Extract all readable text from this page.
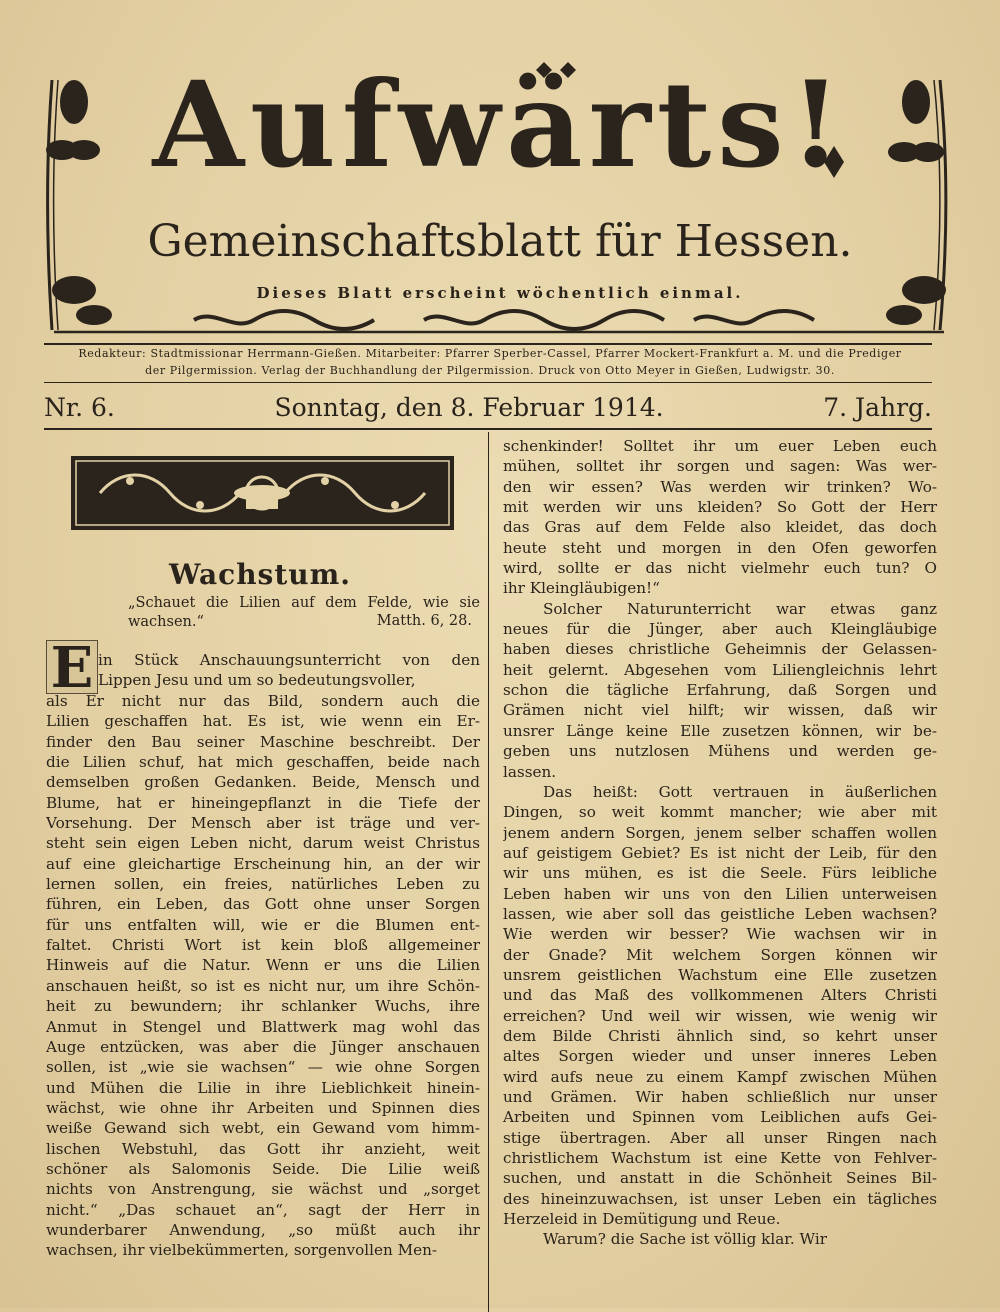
Aufwärts!
Gemeinschaftsblatt für Hessen.
Dieses Blatt erscheint wöchentlich einmal.
Redakteur: Stadtmissionar Herrmann-Gießen. Mitarbeiter: Pfarrer Sperber-Cassel, Pfarrer Mockert-Frankfurt a. M. und die Prediger
der Pilgermission. Verlag der Buchhandlung der Pilgermission. Druck von Otto Meyer in Gießen, Ludwigstr. 30.
Nr. 6.	Sonntag, den 8. Februar 1914.	7. Jahrg.
Wachstum.
„Schauet die Lilien auf dem Felde, wie sie wachsen.“	Matth. 6, 28.
E in Stück Anschauungsunterricht von den
Lippen Jesu und um so bedeutungsvoller,
als Er nicht nur das Bild, sondern auch die
Lilien geschaffen hat. Es ist, wie wenn ein Er-
finder den Bau seiner Maschine beschreibt. Der
die Lilien schuf, hat mich geschaffen, beide nach
demselben großen Gedanken. Beide, Mensch und
Blume, hat er hineingepflanzt in die Tiefe der
Vorsehung. Der Mensch aber ist träge und ver-
steht sein eigen Leben nicht, darum weist Christus
auf eine gleichartige Erscheinung hin, an der wir
lernen sollen, ein freies, natürliches Leben zu
führen, ein Leben, das Gott ohne unser Sorgen
für uns entfalten will, wie er die Blumen ent-
faltet. Christi Wort ist kein bloß allgemeiner
Hinweis auf die Natur. Wenn er uns die Lilien
anschauen heißt, so ist es nicht nur, um ihre Schön-
heit zu bewundern; ihr schlanker Wuchs, ihre
Anmut in Stengel und Blattwerk mag wohl das
Auge entzücken, was aber die Jünger anschauen
sollen, ist „wie sie wachsen“ — wie ohne Sorgen
und Mühen die Lilie in ihre Lieblichkeit hinein-
wächst, wie ohne ihr Arbeiten und Spinnen dies
weiße Gewand sich webt, ein Gewand vom himm-
lischen Webstuhl, das Gott ihr anzieht, weit
schöner als Salomonis Seide. Die Lilie weiß
nichts von Anstrengung, sie wächst und „sorget
nicht.“ „Das schauet an“, sagt der Herr in
wunderbarer Anwendung, „so müßt auch ihr
wachsen, ihr vielbekümmerten, sorgenvollen Men-
schenkinder! Solltet ihr um euer Leben euch
mühen, solltet ihr sorgen und sagen: Was wer-
den wir essen? Was werden wir trinken? Wo-
mit werden wir uns kleiden? So Gott der Herr
das Gras auf dem Felde also kleidet, das doch
heute steht und morgen in den Ofen geworfen
wird, sollte er das nicht vielmehr euch tun? O
ihr Kleingläubigen!“
Solcher Naturunterricht war etwas ganz
neues für die Jünger, aber auch Kleingläubige
haben dieses christliche Geheimnis der Gelassen-
heit gelernt. Abgesehen vom Liliengleichnis lehrt
schon die tägliche Erfahrung, daß Sorgen und
Grämen nicht viel hilft; wir wissen, daß wir
unsrer Länge keine Elle zusetzen können, wir be-
geben uns nutzlosen Mühens und werden ge-
lassen.
Das heißt: Gott vertrauen in äußerlichen
Dingen, so weit kommt mancher; wie aber mit
jenem andern Sorgen, jenem selber schaffen wollen
auf geistigem Gebiet? Es ist nicht der Leib, für den
wir uns mühen, es ist die Seele. Fürs leibliche
Leben haben wir uns von den Lilien unterweisen
lassen, wie aber soll das geistliche Leben wachsen?
Wie werden wir besser? Wie wachsen wir in
der Gnade? Mit welchem Sorgen können wir
unsrem geistlichen Wachstum eine Elle zusetzen
und das Maß des vollkommenen Alters Christi
erreichen? Und weil wir wissen, wie wenig wir
dem Bilde Christi ähnlich sind, so kehrt unser
altes Sorgen wieder und unser inneres Leben
wird aufs neue zu einem Kampf zwischen Mühen
und Grämen. Wir haben schließlich nur unser
Arbeiten und Spinnen vom Leiblichen aufs Gei-
stige übertragen. Aber all unser Ringen nach
christlichem Wachstum ist eine Kette von Fehlver-
suchen, und anstatt in die Schönheit Seines Bil-
des hineinzuwachsen, ist unser Leben ein tägliches
Herzeleid in Demütigung und Reue.
Warum? die Sache ist völlig klar. Wir
